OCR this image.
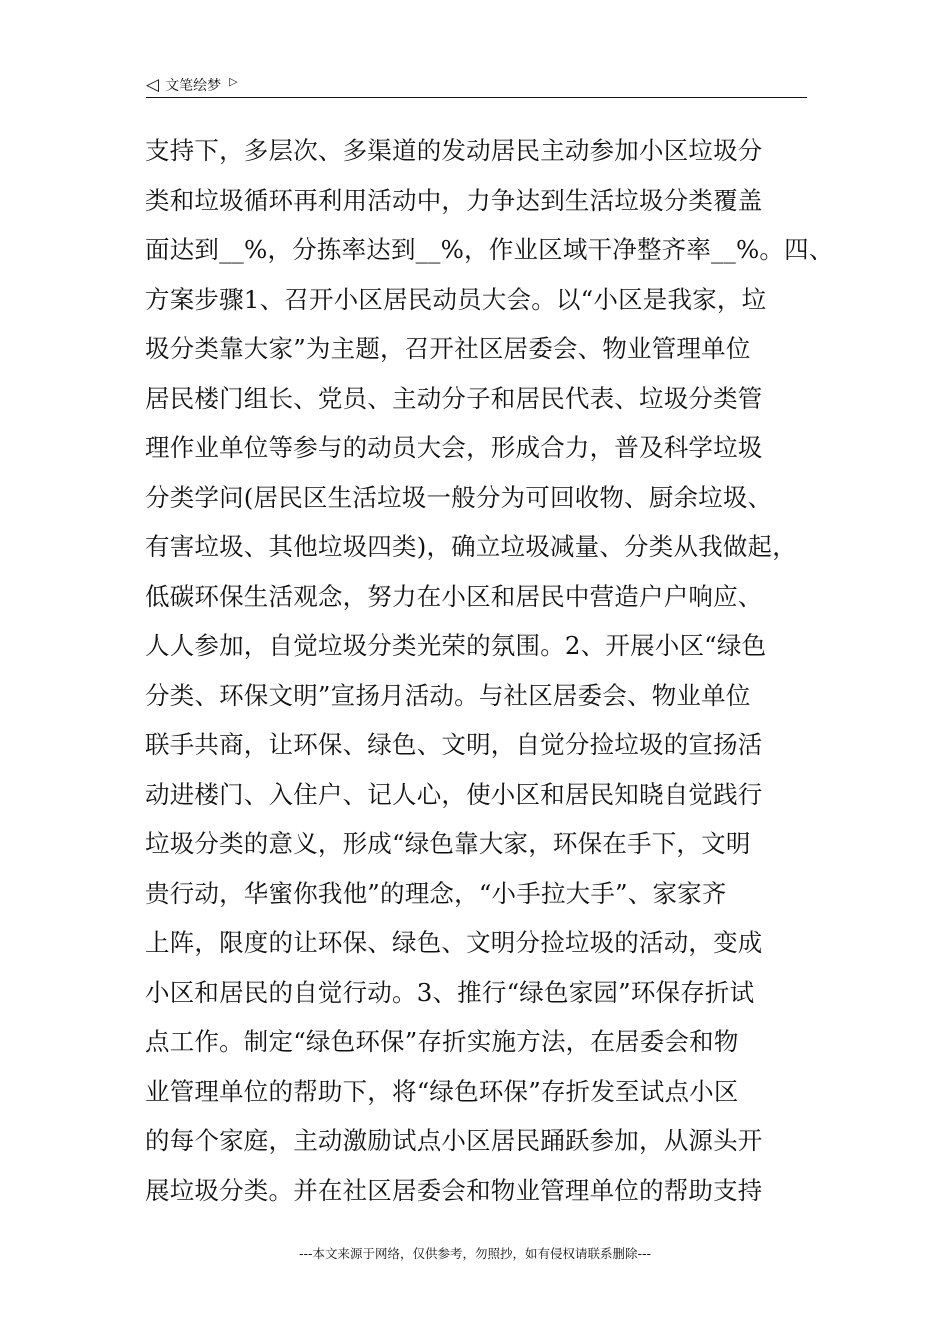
◁ 文笔绘梦 ▷
支持下，多层次、多渠道的发动居民主动参加小区垃圾分
类和垃圾循环再利用活动中，力争达到生活垃圾分类覆盖
面达到__%，分拣率达到__%，作业区域干净整齐率__%。四、
方案步骤1、召开小区居民动员大会。以“小区是我家，垃
圾分类靠大家”为主题，召开社区居委会、物业管理单位
居民楼门组长、党员、主动分子和居民代表、垃圾分类管
理作业单位等参与的动员大会，形成合力，普及科学垃圾
分类学问(居民区生活垃圾一般分为可回收物、厨余垃圾、
有害垃圾、其他垃圾四类)，确立垃圾减量、分类从我做起，
低碳环保生活观念，努力在小区和居民中营造户户响应、
人人参加，自觉垃圾分类光荣的氛围。2、开展小区“绿色
分类、环保文明”宣扬月活动。与社区居委会、物业单位
联手共商，让环保、绿色、文明，自觉分捡垃圾的宣扬活
动进楼门、入住户、记人心，使小区和居民知晓自觉践行
垃圾分类的意义，形成“绿色靠大家，环保在手下，文明
贵行动，华蜜你我他”的理念，“小手拉大手”、家家齐
上阵，限度的让环保、绿色、文明分捡垃圾的活动，变成
小区和居民的自觉行动。3、推行“绿色家园”环保存折试
点工作。制定“绿色环保”存折实施方法，在居委会和物
业管理单位的帮助下，将“绿色环保”存折发至试点小区
的每个家庭，主动激励试点小区居民踊跃参加，从源头开
展垃圾分类。并在社区居委会和物业管理单位的帮助支持
---本文来源于网络，仅供参考，勿照抄，如有侵权请联系删除---
